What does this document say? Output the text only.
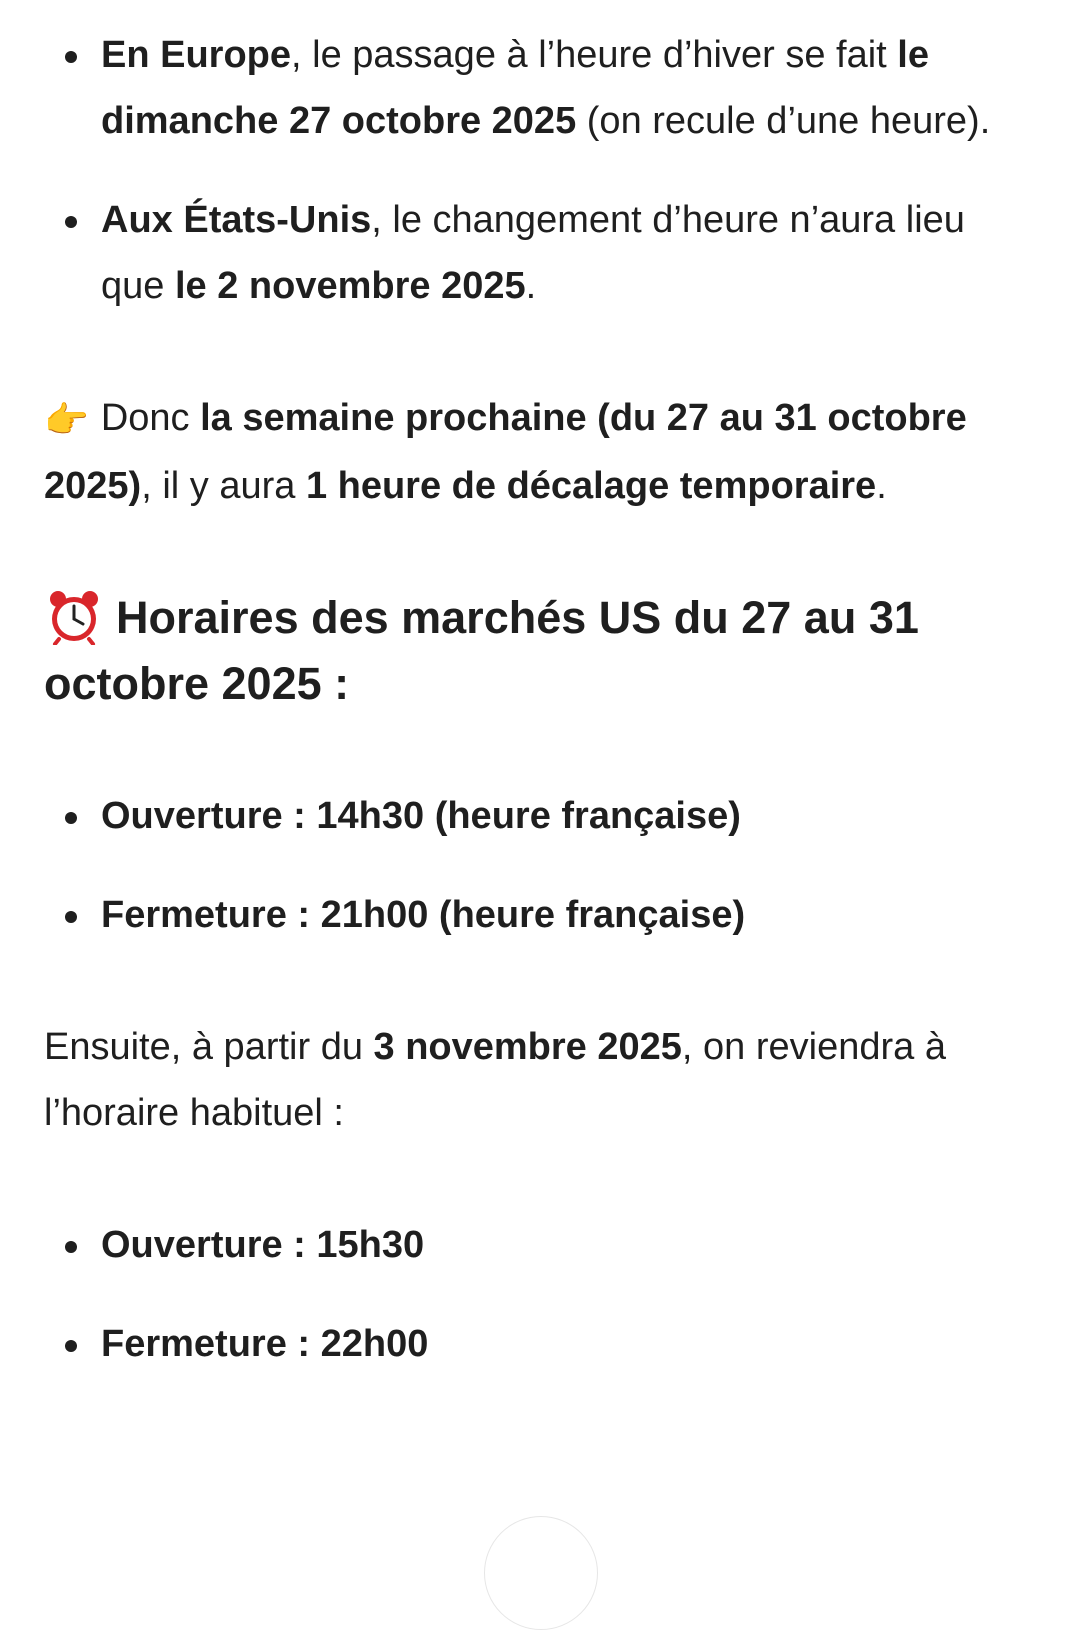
En Europe, le passage à l’heure d’hiver se fait le dimanche 27 octobre 2025 (on recule d’une heure).
Aux États-Unis, le changement d’heure n’aura lieu que le 2 novembre 2025.

👉 Donc la semaine prochaine (du 27 au 31 octobre 2025), il y aura 1 heure de décalage temporaire.

Horaires des marchés US du 27 au 31 octobre 2025 :
Ouverture : 14h30 (heure française)
Fermeture : 21h00 (heure française)

Ensuite, à partir du 3 novembre 2025, on reviendra à l’horaire habituel :

Ouverture : 15h30
Fermeture : 22h00
